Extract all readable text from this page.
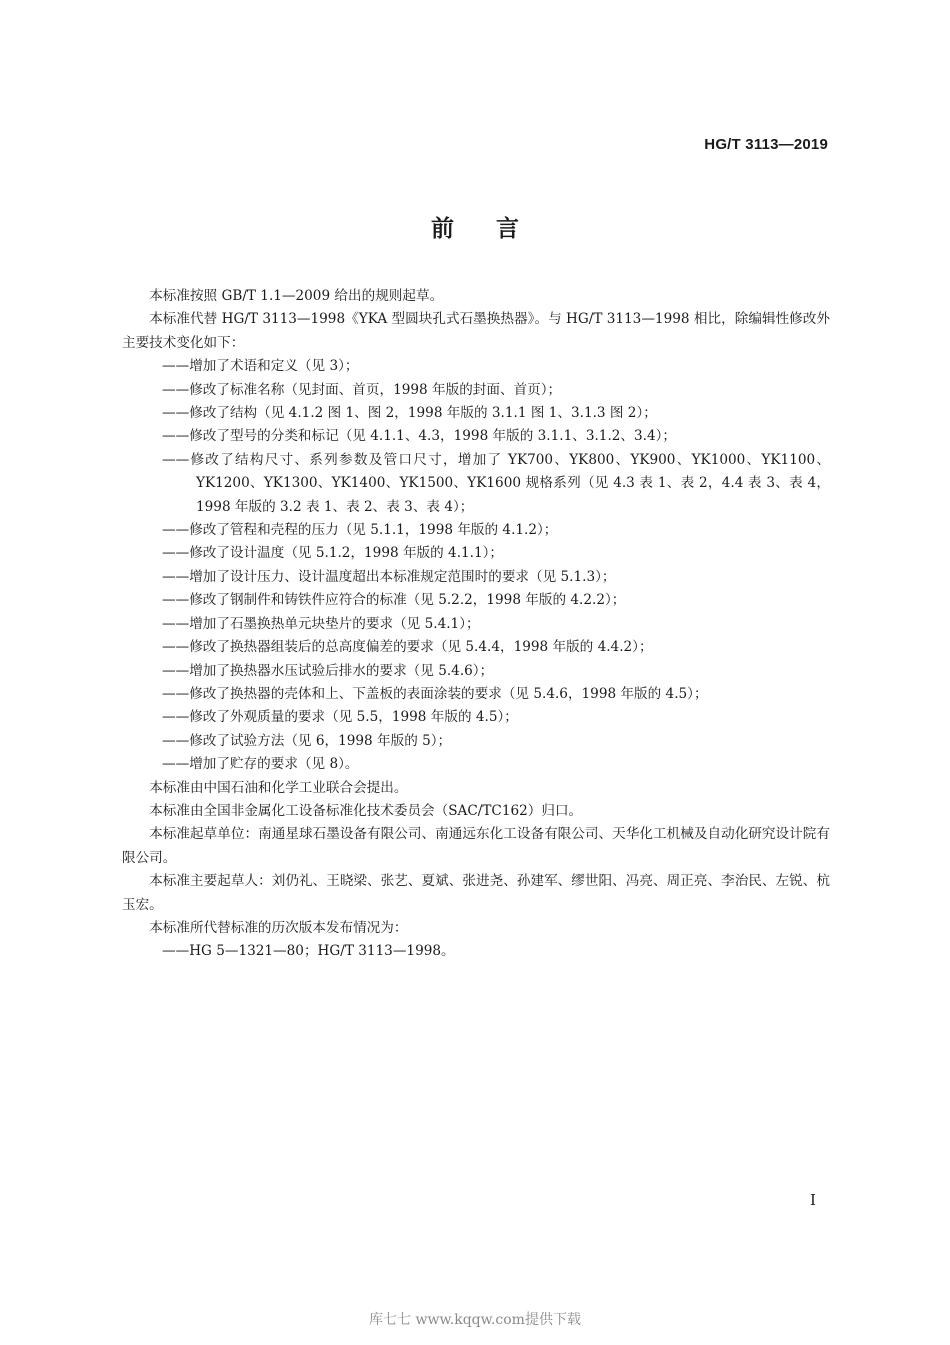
HG/T 3113—2019
前言

本标准按照 GB/T 1.1—2009 给出的规则起草。

本标准代替 HG/T 3113—1998《YKA 型圆块孔式石墨换热器》。与 HG/T 3113—1998 相比，除编辑性修改外主要技术变化如下：

——增加了术语和定义（见 3）；

——修改了标准名称（见封面、首页，1998 年版的封面、首页）；

——修改了结构（见 4.1.2 图 1、图 2，1998 年版的 3.1.1 图 1、3.1.3 图 2）；

——修改了型号的分类和标记（见 4.1.1、4.3，1998 年版的 3.1.1、3.1.2、3.4）；

——修改了结构尺寸、系列参数及管口尺寸，增加了 YK700、YK800、YK900、YK1000、YK1100、YK1200、YK1300、YK1400、YK1500、YK1600 规格系列（见 4.3 表 1、表 2，4.4 表 3、表 4，1998 年版的 3.2 表 1、表 2、表 3、表 4）；

——修改了管程和壳程的压力（见 5.1.1，1998 年版的 4.1.2）；

——修改了设计温度（见 5.1.2，1998 年版的 4.1.1）；

——增加了设计压力、设计温度超出本标准规定范围时的要求（见 5.1.3）；

——修改了钢制件和铸铁件应符合的标准（见 5.2.2，1998 年版的 4.2.2）；

——增加了石墨换热单元块垫片的要求（见 5.4.1）；

——修改了换热器组装后的总高度偏差的要求（见 5.4.4，1998 年版的 4.4.2）；

——增加了换热器水压试验后排水的要求（见 5.4.6）；

——修改了换热器的壳体和上、下盖板的表面涂装的要求（见 5.4.6，1998 年版的 4.5）；

——修改了外观质量的要求（见 5.5，1998 年版的 4.5）；

——修改了试验方法（见 6，1998 年版的 5）；

——增加了贮存的要求（见 8）。

本标准由中国石油和化学工业联合会提出。

本标准由全国非金属化工设备标准化技术委员会（SAC/TC162）归口。

本标准起草单位：南通星球石墨设备有限公司、南通远东化工设备有限公司、天华化工机械及自动化研究设计院有限公司。

本标准主要起草人：刘仍礼、王晓梁、张艺、夏斌、张进尧、孙建军、缪世阳、冯亮、周正亮、李治民、左锐、杭玉宏。

本标准所代替标准的历次版本发布情况为：

——HG 5—1321—80；HG/T 3113—1998。

I
库七七 www.kqqw.com提供下载
